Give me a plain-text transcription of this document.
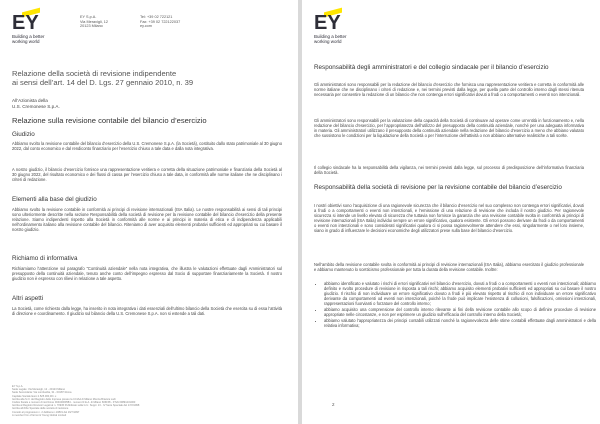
EY
Building a better working world
EY S.p.A.
Via Meravigli, 12
20123 Milano
Tel: +39 02 722121
Fax: +39 02 722122037
ey.com
Relazione della società di revisione indipendente
ai sensi dell’art. 14 del D. Lgs. 27 gennaio 2010, n. 39
All’Azionista della
U.S. Cremonese S.p.A.
Relazione sulla revisione contabile del bilancio d’esercizio
Giudizio
Abbiamo svolto la revisione contabile del bilancio d’esercizio della U.S. Cremonese S.p.A. (la Società), costituito dallo stato patrimoniale al 30 giugno 2022, dal conto economico e dal rendiconto finanziario per l’esercizio chiuso a tale data e dalla nota integrativa.
A nostro giudizio, il bilancio d’esercizio fornisce una rappresentazione veritiera e corretta della situazione patrimoniale e finanziaria della Società al 30 giugno 2022, del risultato economico e dei flussi di cassa per l’esercizio chiuso a tale data, in conformità alle norme italiane che ne disciplinano i criteri di redazione.
Elementi alla base del giudizio
Abbiamo svolto la revisione contabile in conformità ai principi di revisione internazionali (ISA Italia). Le nostre responsabilità ai sensi di tali principi sono ulteriormente descritte nella sezione Responsabilità della società di revisione per la revisione contabile del bilancio d’esercizio della presente relazione. Siamo indipendenti rispetto alla Società in conformità alle norme e ai principi in materia di etica e di indipendenza applicabili nell’ordinamento italiano alla revisione contabile del bilancio. Riteniamo di aver acquisito elementi probativi sufficienti ed appropriati su cui basare il nostro giudizio.
Richiamo di informativa
Richiamiamo l’attenzione sul paragrafo “Continuità aziendale” nella nota integrativa, che illustra le valutazioni effettuate dagli Amministratori sul presupposto della continuità aziendale, tenuto anche conto dell’impegno espresso dal Socio di supportare finanziariamente la Società. Il nostro giudizio non è espresso con rilievi in relazione a tale aspetto.
Altri aspetti
La Società, come richiesto dalla legge, ha inserito in nota integrativa i dati essenziali dell’ultimo bilancio della Società che esercita su di essa l’attività di direzione e coordinamento. Il giudizio sul bilancio della U.S. Cremonese S.p.A. non si estende a tali dati.
EY S.p.A.
Sede Legale: Via Meravigli, 12 - 20123 Milano
Sede Secondaria: Via Lombardia, 31 - 00187 Roma
Capitale Sociale Euro 2.525.000,00 i.v.
Iscritta alla S.O. del Registro delle Imprese presso la CCIAA di Milano Monza Brianza Lodi
Codice fiscale e numero di iscrizione 00434000584 - numero R.E.A. di Milano 606158 - P.IVA 00891231003
Iscritta al Registro Revisori Legali al n. 70945 Pubblicato sulla G.U. Suppl. 13 - IV Serie Speciale del 17/2/1998
Iscritta all’Albo Speciale delle società di revisione
Consob al progressivo n. 2 delibera n.10831 del 16/7/1997
A member firm of Ernst & Young Global Limited
EY
Building a better working world
Responsabilità degli amministratori e del collegio sindacale per il bilancio d’esercizio
Gli amministratori sono responsabili per la redazione del bilancio d’esercizio che fornisca una rappresentazione veritiera e corretta in conformità alle norme italiane che ne disciplinano i criteri di redazione e, nei termini previsti dalla legge, per quella parte del controllo interno dagli stessi ritenuta necessaria per consentire la redazione di un bilancio che non contenga errori significativi dovuti a frodi o a comportamenti o eventi non intenzionali.
Gli amministratori sono responsabili per la valutazione della capacità della Società di continuare ad operare come un’entità in funzionamento e, nella redazione del bilancio d’esercizio, per l’appropriatezza dell’utilizzo del presupposto della continuità aziendale, nonché per una adeguata informativa in materia. Gli amministratori utilizzano il presupposto della continuità aziendale nella redazione del bilancio d’esercizio a meno che abbiano valutato che sussistono le condizioni per la liquidazione della Società o per l’interruzione dell’attività o non abbiano alternative realistiche a tali scelte.
Il collegio sindacale ha la responsabilità della vigilanza, nei termini previsti dalla legge, sul processo di predisposizione dell’informativa finanziaria della Società.
Responsabilità della società di revisione per la revisione contabile del bilancio d’esercizio
I nostri obiettivi sono l’acquisizione di una ragionevole sicurezza che il bilancio d’esercizio nel suo complesso non contenga errori significativi, dovuti a frodi o a comportamenti o eventi non intenzionali, e l’emissione di una relazione di revisione che includa il nostro giudizio. Per ragionevole sicurezza si intende un livello elevato di sicurezza che tuttavia non fornisce la garanzia che una revisione contabile svolta in conformità ai principi di revisione internazionali (ISA Italia) individui sempre un errore significativo, qualora esistente. Gli errori possono derivare da frodi o da comportamenti o eventi non intenzionali e sono considerati significativi qualora ci si possa ragionevolmente attendere che essi, singolarmente o nel loro insieme, siano in grado di influenzare le decisioni economiche degli utilizzatori prese sulla base del bilancio d’esercizio.
Nell’ambito della revisione contabile svolta in conformità ai principi di revisione internazionali (ISA Italia), abbiamo esercitato il giudizio professionale e abbiamo mantenuto lo scetticismo professionale per tutta la durata della revisione contabile. Inoltre:
• abbiamo identificato e valutato i rischi di errori significativi nel bilancio d’esercizio, dovuti a frodi o a comportamenti o eventi non intenzionali; abbiamo definito e svolto procedure di revisione in risposta a tali rischi; abbiamo acquisito elementi probativi sufficienti ed appropriati su cui basare il nostro giudizio. Il rischio di non individuare un errore significativo dovuto a frodi è più elevato rispetto al rischio di non individuare un errore significativo derivante da comportamenti od eventi non intenzionali, poiché la frode può implicare l’esistenza di collusioni, falsificazioni, omissioni intenzionali, rappresentazioni fuorvianti o forzature del controllo interno;
• abbiamo acquisito una comprensione del controllo interno rilevante ai fini della revisione contabile allo scopo di definire procedure di revisione appropriate nelle circostanze, e non per esprimere un giudizio sull’efficacia del controllo interno della Società;
• abbiamo valutato l’appropriatezza dei principi contabili utilizzati nonché la ragionevolezza delle stime contabili effettuate dagli amministratori e della relativa informativa;
2
